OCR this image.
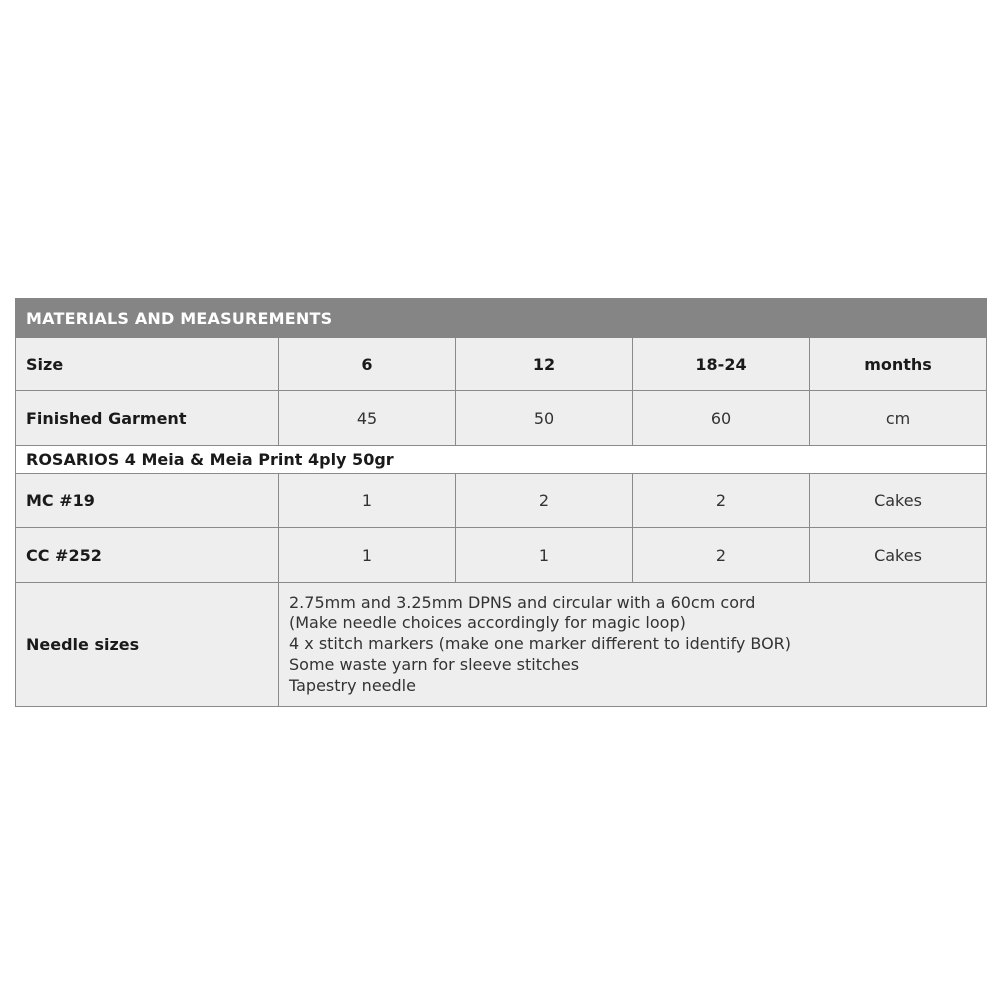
MATERIALS AND MEASUREMENTS				
Size	6	12	18-24	months
Finished Garment	45	50	60	cm
ROSARIOS 4 Meia & Meia Print 4ply 50gr				
MC #19	1	2	2	Cakes
CC #252	1	1	2	Cakes
Needle sizes	2.75mm and 3.25mm DPNS and circular with a 60cm cord
(Make needle choices accordingly for magic loop)
4 x stitch markers (make one marker different to identify BOR)
Some waste yarn for sleeve stitches
Tapestry needle			
